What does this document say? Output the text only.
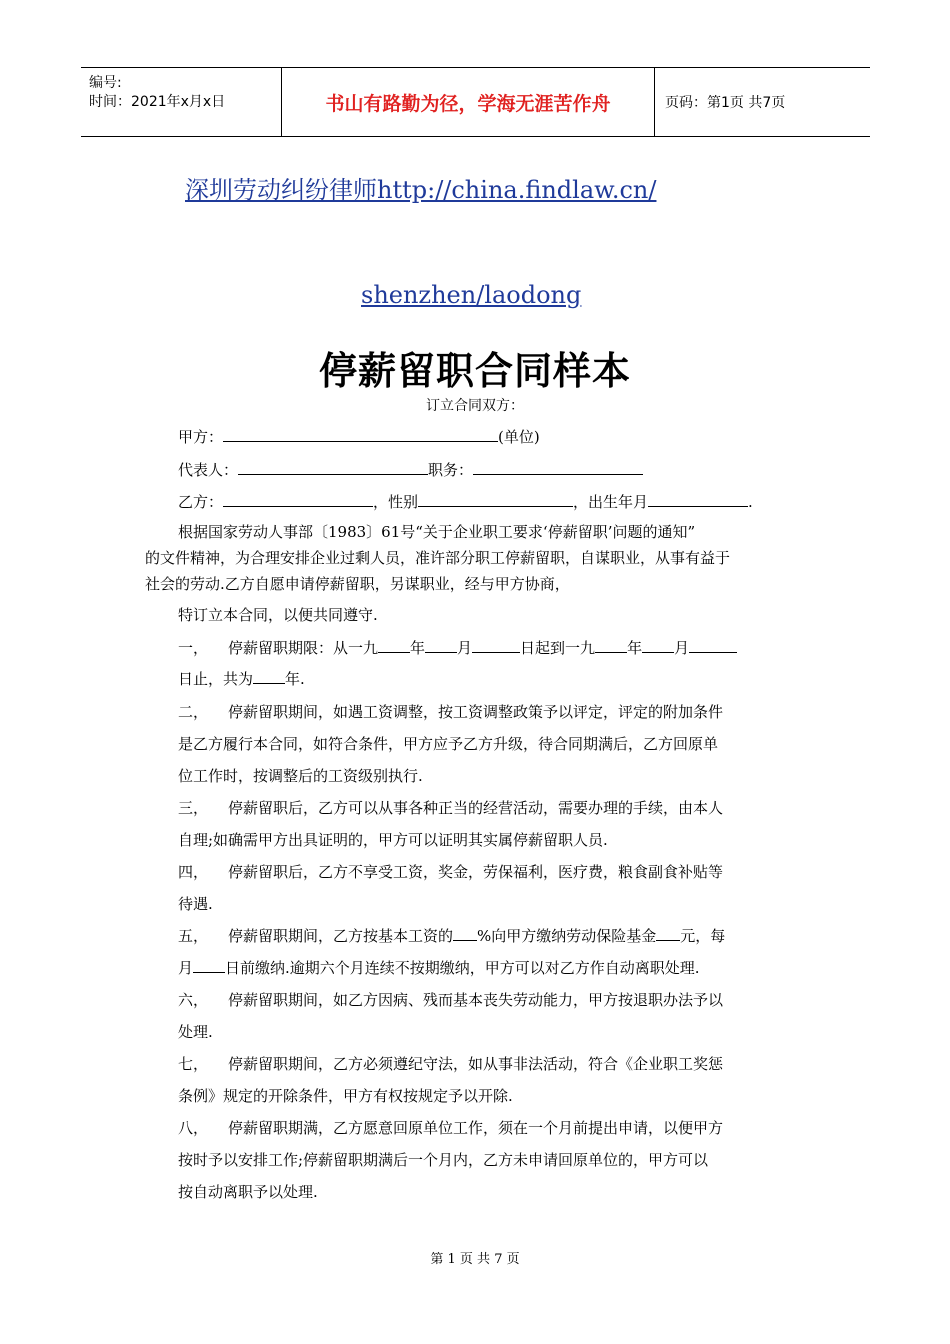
编号:
时间：2021年x月x日	书山有路勤为径，学海无涯苦作舟	页码：第1页 共7页
深圳劳动纠纷律师http://china.findlaw.cn/
shenzhen/laodong
停薪留职合同样本
订立合同双方：
甲方：	(单位)
代表人：	职务：
乙方：	，性别	，出生年月	.
根据国家劳动人事部〔1983〕61号“关于企业职工要求‘停薪留职’问题的通知”
的文件精神，为合理安排企业过剩人员，准许部分职工停薪留职，自谋职业，从事有益于
社会的劳动.乙方自愿申请停薪留职，另谋职业，经与甲方协商，
特订立本合同，以便共同遵守.
一， 停薪留职期限：从一九 年 月	日起到一九 年 月
日止，共为 年.
二， 停薪留职期间，如遇工资调整，按工资调整政策予以评定，评定的附加条件
是乙方履行本合同，如符合条件，甲方应予乙方升级，待合同期满后，乙方回原单
位工作时，按调整后的工资级别执行.
三， 停薪留职后，乙方可以从事各种正当的经营活动，需要办理的手续，由本人
自理;如确需甲方出具证明的，甲方可以证明其实属停薪留职人员.
四， 停薪留职后，乙方不享受工资，奖金，劳保福利，医疗费，粮食副食补贴等
待遇.
五， 停薪留职期间，乙方按基本工资的 %向甲方缴纳劳动保险基金 元，每
月 日前缴纳.逾期六个月连续不按期缴纳，甲方可以对乙方作自动离职处理.
六， 停薪留职期间，如乙方因病、残而基本丧失劳动能力，甲方按退职办法予以
处理.
七， 停薪留职期间，乙方必须遵纪守法，如从事非法活动，符合《企业职工奖惩
条例》规定的开除条件，甲方有权按规定予以开除.
八， 停薪留职期满，乙方愿意回原单位工作，须在一个月前提出申请，以便甲方
按时予以安排工作;停薪留职期满后一个月内，乙方未申请回原单位的，甲方可以
按自动离职予以处理.
第 1 页 共 7 页
